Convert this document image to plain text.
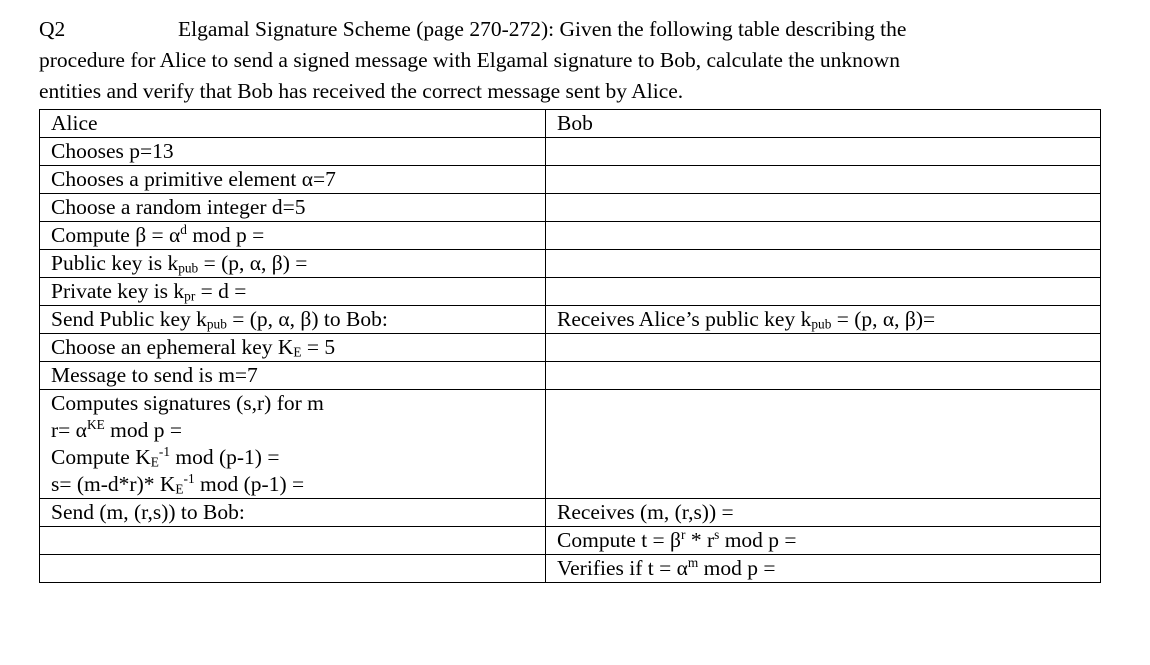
Q2	Elgamal Signature Scheme (page 270-272): Given the following table describing the
procedure for Alice to send a signed message with Elgamal signature to Bob, calculate the unknown
entities and verify that Bob has received the correct message sent by Alice.
Alice	Bob
Chooses p=13	
Chooses a primitive element α=7	
Choose a random integer d=5	
Compute $\beta = \alpha^d$ mod p =	
Public key is $k_{pub} = (p$, α, β) =	
Private key is $k_{pr} = d$ =	
Send Public key $k_{pub} = (p$, α, β) to Bob:	Receives Alice’s public key $k_{pub} = (p$, α, β)=
Choose an ephemeral key $K_E = 5$	
Message to send is m=7	

Computes signatures (s,r) for m
$r= \alpha^{KE}$ mod p =
Compute $K_E^{-1}$ mod (p-1) =
s= (m-d*r)* $K_E^{-1}$ mod (p-1) =	

Send (m, (r,s)) to Bob:	Receives (m, (r,s)) =
	Compute $t = \beta^r * r^s$ mod p =
	Verifies if $t = \alpha^m$ mod p =
